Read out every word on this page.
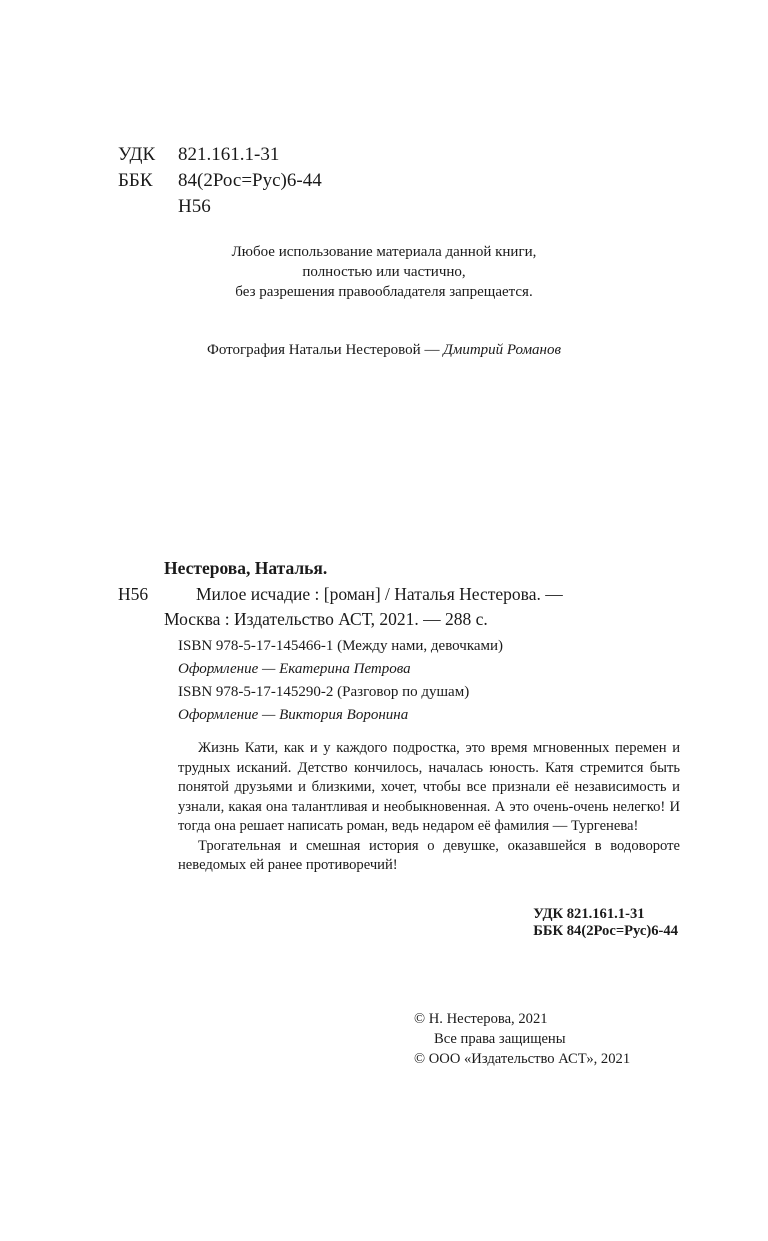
УДК 821.161.1-31
ББК 84(2Рос=Рус)6-44
Н56
Любое использование материала данной книги,
полностью или частично,
без разрешения правообладателя запрещается.
Фотография Натальи Нестеровой — Дмитрий Романов
Нестерова, Наталья.
Н56	Милое исчадие : [роман] / Наталья Нестерова. —
Москва : Издательство АСТ, 2021. — 288 с.
ISBN 978-5-17-145466-1 (Между нами, девочками)
Оформление — Екатерина Петрова
ISBN 978-5-17-145290-2 (Разговор по душам)
Оформление — Виктория Воронина

Жизнь Кати, как и у каждого подростка, это время мгновенных перемен и трудных исканий. Детство кончилось, началась юность. Катя стремится быть понятой друзьями и близкими, хочет, чтобы все признали её независимость и узнали, какая она талантливая и необыкновенная. А это очень-очень нелегко! И тогда она решает написать роман, ведь недаром её фамилия — Тургенева!

Трогательная и смешная история о девушке, оказавшейся в водовороте неведомых ей ранее противоречий!

УДК 821.161.1-31
ББК 84(2Рос=Рус)6-44
© Н. Нестерова, 2021
Все права защищены
© ООО «Издательство АСТ», 2021
